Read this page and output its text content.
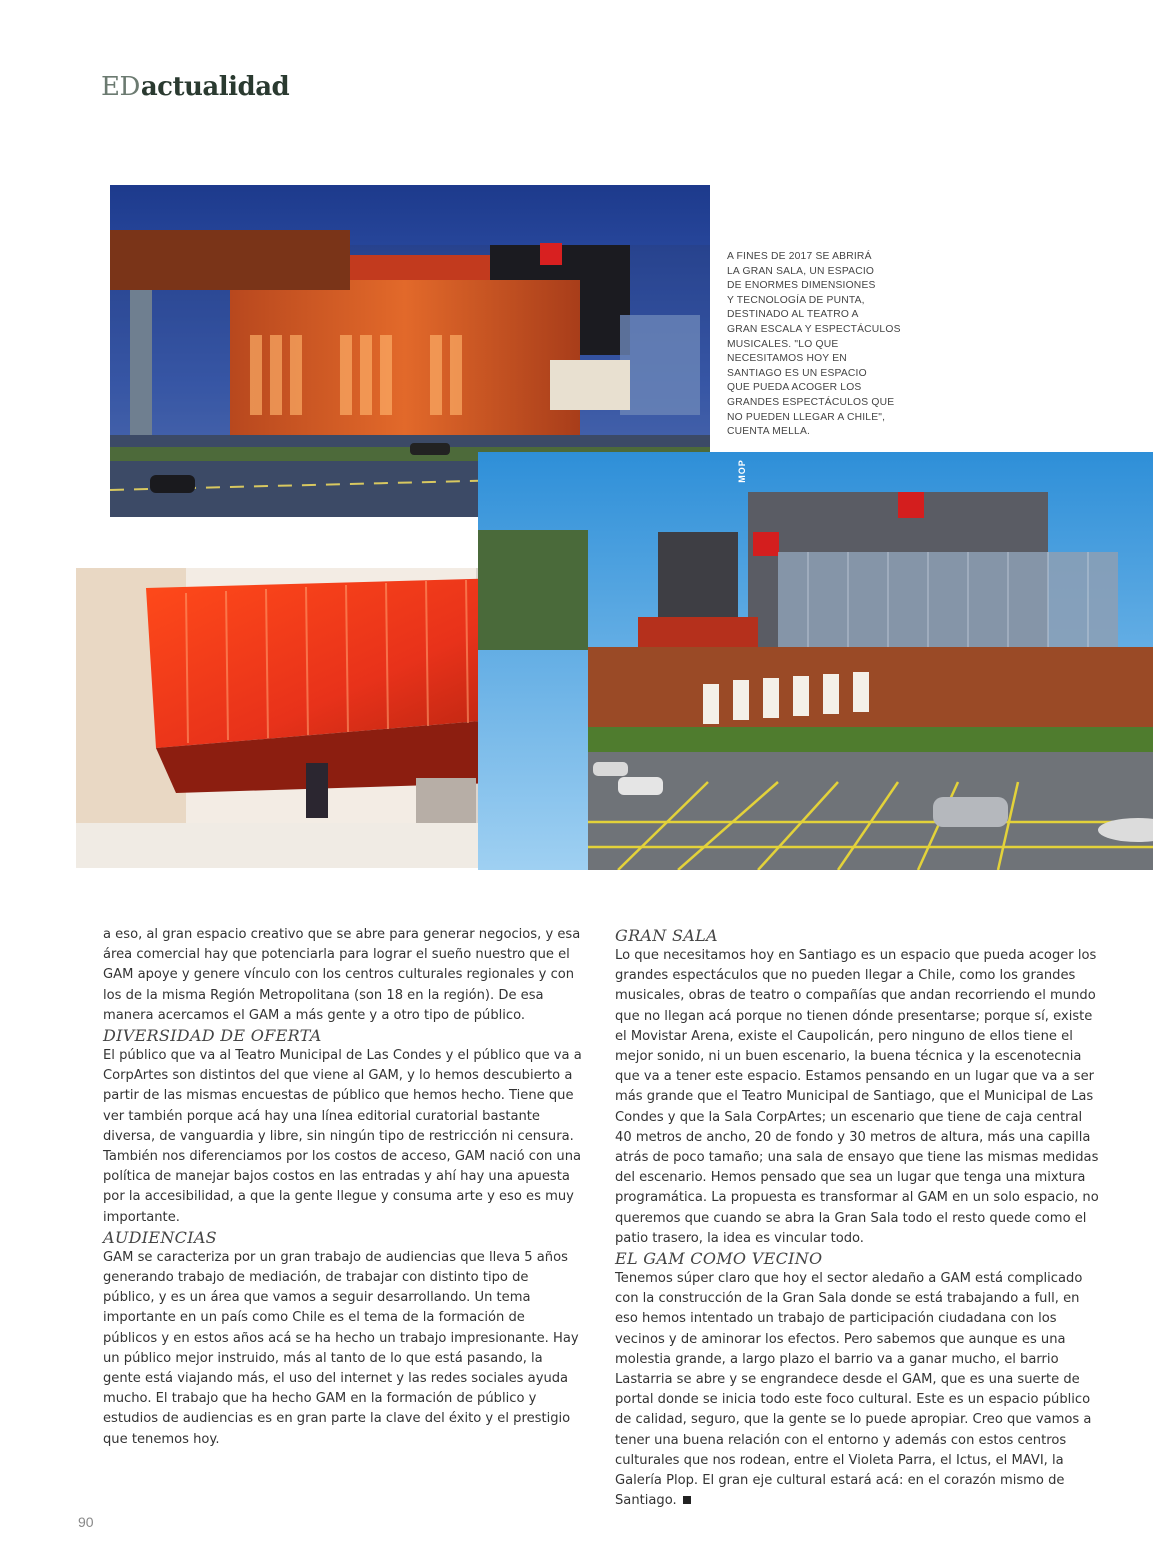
EDactualidad
A FINES DE 2017 SE ABRIRÁ
LA GRAN SALA, UN ESPACIO
DE ENORMES DIMENSIONES
Y TECNOLOGÍA DE PUNTA,
DESTINADO AL TEATRO A
GRAN ESCALA Y ESPECTÁCULOS
MUSICALES. "LO QUE
NECESITAMOS HOY EN
SANTIAGO ES UN ESPACIO
QUE PUEDA ACOGER LOS
GRANDES ESPECTÁCULOS QUE
NO PUEDEN LLEGAR A CHILE",
CUENTA MELLA.
MOP

a eso, al gran espacio creativo que se abre para generar negocios, y esa área comercial hay que potenciarla para lograr el sueño nuestro que el GAM apoye y genere vínculo con los centros culturales regionales y con los de la misma Región Metropolitana (son 18 en la región). De esa manera acercamos el GAM a más gente y a otro tipo de público.

DIVERSIDAD DE OFERTA

El público que va al Teatro Municipal de Las Condes y el público que va a CorpArtes son distintos del que viene al GAM, y lo hemos descubierto a partir de las mismas encuestas de público que hemos hecho. Tiene que ver también porque acá hay una línea editorial curatorial bastante diversa, de vanguardia y libre, sin ningún tipo de restricción ni censura. También nos diferenciamos por los costos de acceso, GAM nació con una política de manejar bajos costos en las entradas y ahí hay una apuesta por la accesibilidad, a que la gente llegue y consuma arte y eso es muy importante.

AUDIENCIAS

GAM se caracteriza por un gran trabajo de audiencias que lleva 5 años generando trabajo de mediación, de trabajar con distinto tipo de público, y es un área que vamos a seguir desarrollando. Un tema importante en un país como Chile es el tema de la formación de públicos y en estos años acá se ha hecho un trabajo impresionante. Hay un público mejor instruido, más al tanto de lo que está pasando, la gente está viajando más, el uso del internet y las redes sociales ayuda mucho. El trabajo que ha hecho GAM en la formación de público y estudios de audiencias es en gran parte la clave del éxito y el prestigio que tenemos hoy.

GRAN SALA

Lo que necesitamos hoy en Santiago es un espacio que pueda acoger los grandes espectáculos que no pueden llegar a Chile, como los grandes musicales, obras de teatro o compañías que andan recorriendo el mundo que no llegan acá porque no tienen dónde presentarse; porque sí, existe el Movistar Arena, existe el Caupolicán, pero ninguno de ellos tiene el mejor sonido, ni un buen escenario, la buena técnica y la escenotecnia que va a tener este espacio. Estamos pensando en un lugar que va a ser más grande que el Teatro Municipal de Santiago, que el Municipal de Las Condes y que la Sala CorpArtes; un escenario que tiene de caja central 40 metros de ancho, 20 de fondo y 30 metros de altura, más una capilla atrás de poco tamaño; una sala de ensayo que tiene las mismas medidas del escenario. Hemos pensado que sea un lugar que tenga una mixtura programática. La propuesta es transformar al GAM en un solo espacio, no queremos que cuando se abra la Gran Sala todo el resto quede como el patio trasero, la idea es vincular todo.

EL GAM COMO VECINO

Tenemos súper claro que hoy el sector aledaño a GAM está complicado con la construcción de la Gran Sala donde se está trabajando a full, en eso hemos intentado un trabajo de participación ciudadana con los vecinos y de aminorar los efectos. Pero sabemos que aunque es una molestia grande, a largo plazo el barrio va a ganar mucho, el barrio Lastarria se abre y se engrandece desde el GAM, que es una suerte de portal donde se inicia todo este foco cultural. Este es un espacio público de calidad, seguro, que la gente se lo puede apropiar. Creo que vamos a tener una buena relación con el entorno y además con estos centros culturales que nos rodean, entre el Violeta Parra, el Ictus, el MAVI, la Galería Plop. El gran eje cultural estará acá: en el corazón mismo de Santiago.

90
